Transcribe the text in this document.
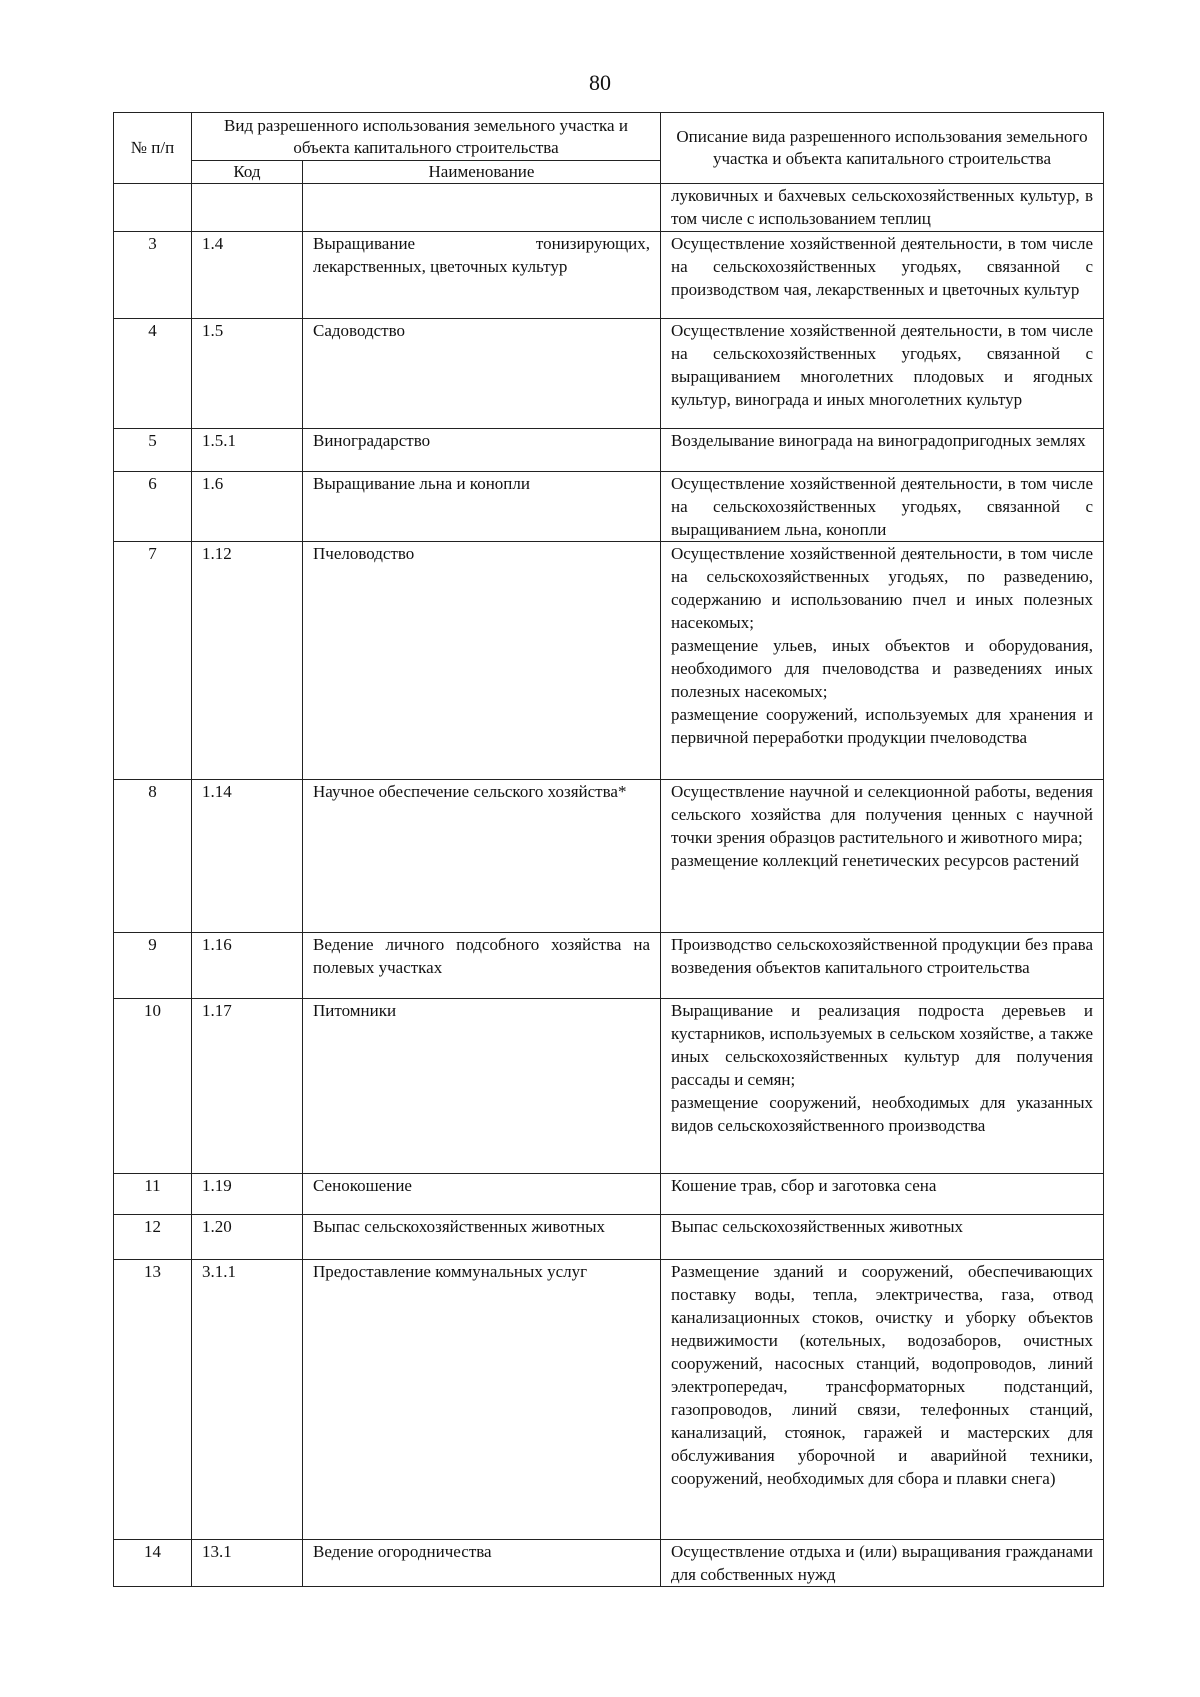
80
№ п/п	Вид разрешенного использования земельного участка и объекта капитального строительства		Описание вида разрешенного использования земельного участка и объекта капитального строительства
	Код	Наименование	

			луковичных и бахчевых сельскохозяйственных культур, в том числе с использованием теплиц

3	1.4	Выращивание тонизирующих, лекарственных, цветочных культур	Осуществление хозяйственной деятельности, в том числе на сельскохозяйственных угодьях, связанной с производством чая, лекарственных и цветочных культур

4	1.5	Садоводство	Осуществление хозяйственной деятельности, в том числе на сельскохозяйственных угодьях, связанной с выращиванием многолетних плодовых и ягодных культур, винограда и иных многолетних культур

5	1.5.1	Виноградарство	Возделывание винограда на виноградопригодных землях

6	1.6	Выращивание льна и конопли	Осуществление хозяйственной деятельности, в том числе на сельскохозяйственных угодьях, связанной с выращиванием льна, конопли

7	1.12	Пчеловодство	Осуществление хозяйственной деятельности, в том числе на сельскохозяйственных угодьях, по разведению, содержанию и использованию пчел и иных полезных насекомых;
размещение ульев, иных объектов и оборудования, необходимого для пчеловодства и разведениях иных полезных насекомых;
размещение сооружений, используемых для хранения и первичной переработки продукции пчеловодства

8	1.14	Научное обеспечение сельского хозяйства*	Осуществление научной и селекционной работы, ведения сельского хозяйства для получения ценных с научной точки зрения образцов растительного и животного мира;
размещение коллекций генетических ресурсов растений

9	1.16	Ведение личного подсобного хозяйства на полевых участках	Производство сельскохозяйственной продукции без права возведения объектов капитального строительства

10	1.17	Питомники	Выращивание и реализация подроста деревьев и кустарников, используемых в сельском хозяйстве, а также иных сельскохозяйственных культур для получения рассады и семян;
размещение сооружений, необходимых для указанных видов сельскохозяйственного производства

11	1.19	Сенокошение	Кошение трав, сбор и заготовка сена

12	1.20	Выпас сельскохозяйственных животных	Выпас сельскохозяйственных животных

13	3.1.1	Предоставление коммунальных услуг	Размещение зданий и сооружений, обеспечивающих поставку воды, тепла, электричества, газа, отвод канализационных стоков, очистку и уборку объектов недвижимости (котельных, водозаборов, очистных сооружений, насосных станций, водопроводов, линий электропередач, трансформаторных подстанций, газопроводов, линий связи, телефонных станций, канализаций, стоянок, гаражей и мастерских для обслуживания уборочной и аварийной техники, сооружений, необходимых для сбора и плавки снега)

14	13.1	Ведение огородничества	Осуществление отдыха и (или) выращивания гражданами для собственных нужд
